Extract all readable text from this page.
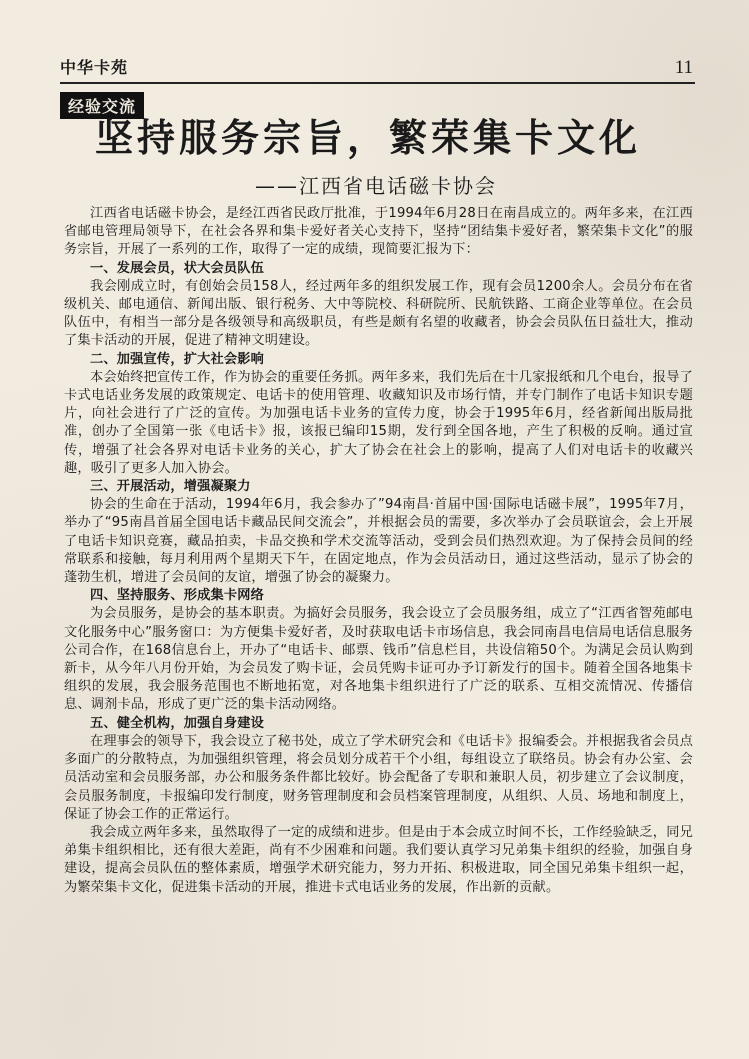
中华卡苑	11
经验交流
坚持服务宗旨，繁荣集卡文化
——江西省电话磁卡协会

江西省电话磁卡协会，是经江西省民政厅批准，于1994年6月28日在南昌成立的。两年多来，在江西省邮电管理局领导下，在社会各界和集卡爱好者关心支持下，坚持“团结集卡爱好者，繁荣集卡文化”的服务宗旨，开展了一系列的工作，取得了一定的成绩，现简要汇报为下：

一、发展会员，状大会员队伍

我会刚成立时，有创始会员158人，经过两年多的组织发展工作，现有会员1200余人。会员分布在省级机关、邮电通信、新闻出版、银行税务、大中等院校、科研院所、民航铁路、工商企业等单位。在会员队伍中，有相当一部分是各级领导和高级职员，有些是颇有名望的收藏者，协会会员队伍日益壮大，推动了集卡活动的开展，促进了精神文明建设。

二、加强宣传，扩大社会影响

本会始终把宣传工作，作为协会的重要任务抓。两年多来，我们先后在十几家报纸和几个电台，报导了卡式电话业务发展的政策规定、电话卡的使用管理、收藏知识及市场行情，并专门制作了电话卡知识专题片，向社会进行了广泛的宣传。为加强电话卡业务的宣传力度，协会于1995年6月，经省新闻出版局批准，创办了全国第一张《电话卡》报，该报已编印15期，发行到全国各地，产生了积极的反响。通过宣传，增强了社会各界对电话卡业务的关心，扩大了协会在社会上的影响，提高了人们对电话卡的收藏兴趣，吸引了更多人加入协会。

三、开展活动，增强凝聚力

协会的生命在于活动，1994年6月，我会参办了”94南昌·首届中国·国际电话磁卡展”，1995年7月，举办了“95南昌首届全国电话卡藏品民间交流会”，并根据会员的需要，多次举办了会员联谊会，会上开展了电话卡知识竞赛，藏品拍卖，卡品交换和学术交流等活动，受到会员们热烈欢迎。为了保持会员间的经常联系和接触，每月利用两个星期天下午，在固定地点，作为会员活动日，通过这些活动，显示了协会的蓬勃生机，增进了会员间的友谊，增强了协会的凝聚力。

四、坚持服务、形成集卡网络

为会员服务，是协会的基本职责。为搞好会员服务，我会设立了会员服务组，成立了“江西省智苑邮电文化服务中心”服务窗口：为方便集卡爱好者，及时获取电话卡市场信息，我会同南昌电信局电话信息服务公司合作，在168信息台上，开办了“电话卡、邮票、钱币”信息栏目，共设信箱50个。为满足会员认购到新卡，从今年八月份开始，为会员发了购卡证，会员凭购卡证可办予订新发行的国卡。随着全国各地集卡组织的发展，我会服务范围也不断地拓宽，对各地集卡组织进行了广泛的联系、互相交流情况、传播信息、调剂卡品，形成了更广泛的集卡活动网络。

五、健全机构，加强自身建设

在理事会的领导下，我会设立了秘书处，成立了学术研究会和《电话卡》报编委会。并根据我省会员点多面广的分散特点，为加强组织管理，将会员划分成若干个小组，每组设立了联络员。协会有办公室、会员活动室和会员服务部，办公和服务条件都比较好。协会配备了专职和兼职人员，初步建立了会议制度，会员服务制度，卡报编印发行制度，财务管理制度和会员档案管理制度，从组织、人员、场地和制度上，保证了协会工作的正常运行。

我会成立两年多来，虽然取得了一定的成绩和进步。但是由于本会成立时间不长，工作经验缺乏，同兄弟集卡组织相比，还有很大差距，尚有不少困难和问题。我们要认真学习兄弟集卡组织的经验，加强自身建设，提高会员队伍的整体素质，增强学术研究能力，努力开拓、积极进取，同全国兄弟集卡组织一起，为繁荣集卡文化，促进集卡活动的开展，推进卡式电话业务的发展，作出新的贡献。
